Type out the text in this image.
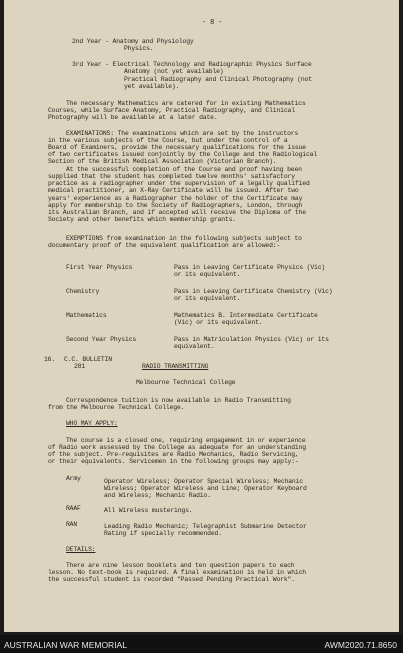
- 8 -
2nd Year - Anatomy and Physiology
Physics.
3rd Year - Electrical Technology and Radiographic Physics Surface
Anatomy (not yet available)
Practical Radiography and Clinical Photography (not
yet available).
The necessary Mathematics are catered for in existing Mathematics
Courses, while Surface Anatomy, Practical Radiography, and Clinical
Photography will be available at a later date.
EXAMINATIONS: The examinations which are set by the instructors
in the various subjects of the Course, but under the control of a
Board of Examiners, provide the necessary qualifications for the issue
of two certificates issued conjointly by the College and the Radiological
Section of the British Medical Association (Victorian Branch).
At the successful completion of the Course and proof having been
supplied that the student has completed twelve months' satisfactory
practice as a radiographer under the supervision of a legally qualified
medical practitioner, an X-Ray Certificate will be issued. After two
years' experience as a Radiographer the holder of the Certificate may
apply for membership to the Society of Radiographers, London, through
its Australian Branch, and if accepted will receive the Diploma of the
Society and other benefits which membership grants.
EXEMPTIONS from examination in the following subjects subject to
documentary proof of the equivalent qualification are allowed:-
First Year Physics	Pass in Leaving Certificate Physics (Vic)
or its equivalent.
Chemistry	Pass in Leaving Certificate Chemistry (Vic)
or its equivalent.
Mathematics	Mathematics B. Intermediate Certificate
(Vic) or its equivalent.
Second Year Physics	Pass in Matriculation Physics (Vic) or its
equivalent.
16. C.C. BULLETIN
281	RADIO TRANSMITTING
Melbourne Technical College
Correspondence tuition is now available in Radio Transmitting
from the Melbourne Technical College.
WHO MAY APPLY:
The course is a closed one, requiring engagement in or experience
of Radio work assessed by the College as adequate for an understanding
of the subject. Pre-requisites are Radio Mechanics, Radio Servicing,
or their equivalents. Servicemen in the following groups may apply:-
Army	Operator Wireless; Operator Special Wireless; Mechanic
Wireless; Operator Wireless and Line; Operator Keyboard
and Wireless; Mechanic Radio.
RAAF	All Wireless musterings.
RAN	Leading Radio Mechanic; Telegraphist Submarine Detector
Rating if specially recommended.
DETAILS:
There are nine lesson booklets and ten question papers to each
lesson. No text-book is required. A final examination is held in which
the successful student is recorded "Passed Pending Practical Work".
AUSTRALIAN WAR MEMORIAL	AWM2020.71.8650
